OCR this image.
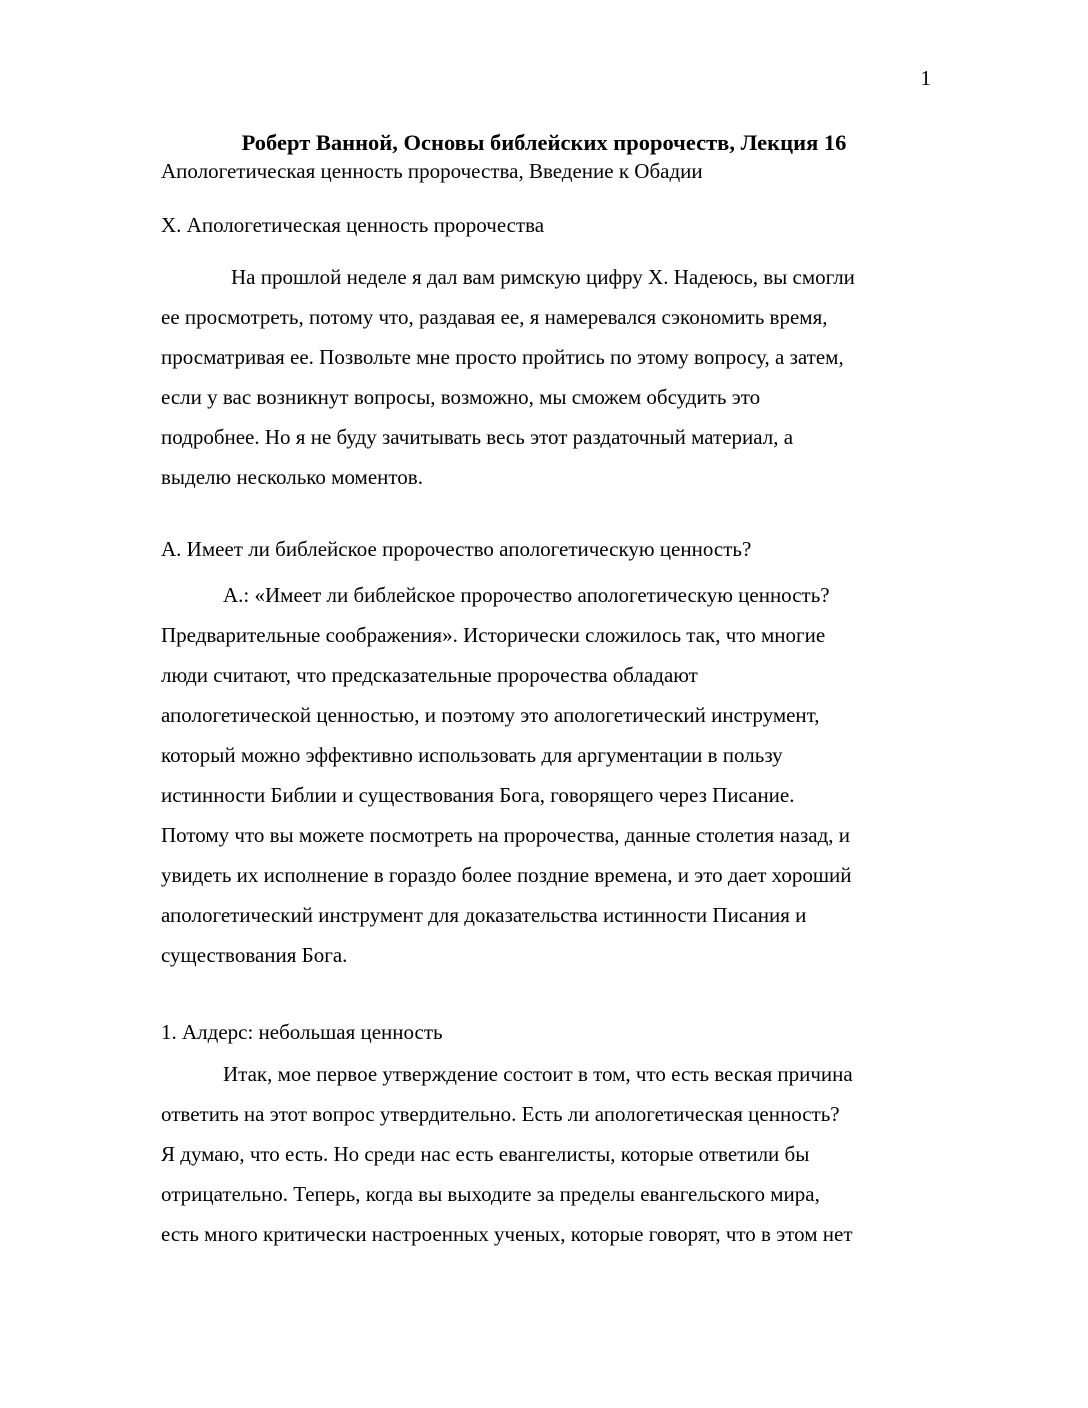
1
Роберт Ванной, Основы библейских пророчеств, Лекция 16
Апологетическая ценность пророчества, Введение к Обадии
X. Апологетическая ценность пророчества
На прошлой неделе я дал вам римскую цифру X. Надеюсь, вы смогли
ее просмотреть, потому что, раздавая ее, я намеревался сэкономить время,
просматривая ее. Позвольте мне просто пройтись по этому вопросу, а затем,
если у вас возникнут вопросы, возможно, мы сможем обсудить это
подробнее. Но я не буду зачитывать весь этот раздаточный материал, а
выделю несколько моментов.
A. Имеет ли библейское пророчество апологетическую ценность?
A.: «Имеет ли библейское пророчество апологетическую ценность?
Предварительные соображения». Исторически сложилось так, что многие
люди считают, что предсказательные пророчества обладают
апологетической ценностью, и поэтому это апологетический инструмент,
который можно эффективно использовать для аргументации в пользу
истинности Библии и существования Бога, говорящего через Писание.
Потому что вы можете посмотреть на пророчества, данные столетия назад, и
увидеть их исполнение в гораздо более поздние времена, и это дает хороший
апологетический инструмент для доказательства истинности Писания и
существования Бога.
1. Алдерс: небольшая ценность
Итак, мое первое утверждение состоит в том, что есть веская причина
ответить на этот вопрос утвердительно. Есть ли апологетическая ценность?
Я думаю, что есть. Но среди нас есть евангелисты, которые ответили бы
отрицательно. Теперь, когда вы выходите за пределы евангельского мира,
есть много критически настроенных ученых, которые говорят, что в этом нет
